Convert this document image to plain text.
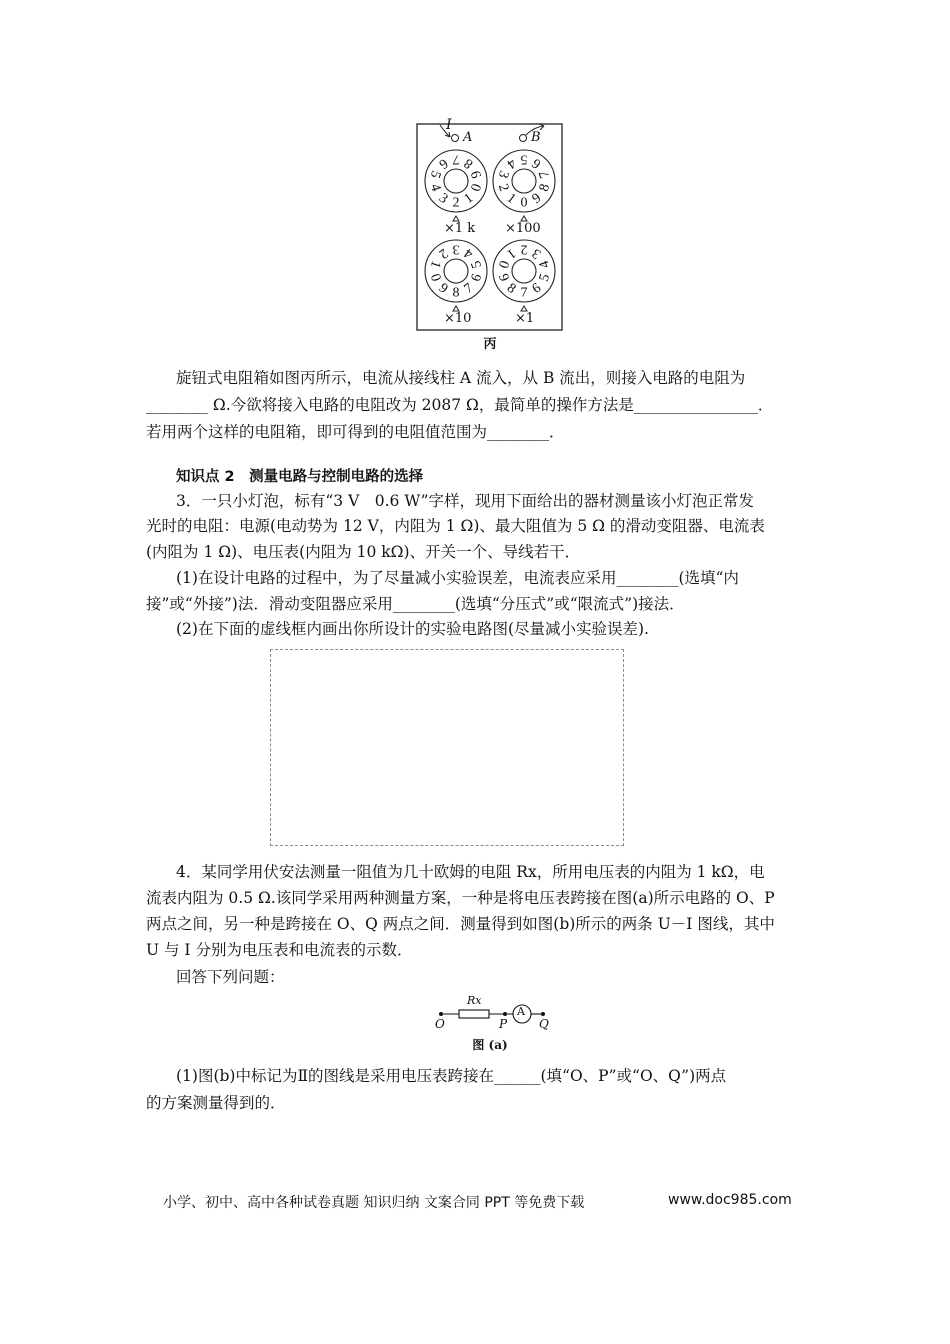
0
1
2
3
4
5
6 7 8
9
0
1
2
3
4 5 6
7
8
9
0
1
2 3 4
5
6
7
8
9
0
1 2 3
4
5
6
7
8
9
I
A	B
×1 k ×100
×10	×1
丙
旋钮式电阻箱如图丙所示，电流从接线柱 A 流入，从 B 流出，则接入电路的电阻为
________ Ω.今欲将接入电路的电阻改为 2087 Ω，最简单的操作方法是________________．
若用两个这样的电阻箱，即可得到的电阻值范围为________．
知识点 2　测量电路与控制电路的选择
3．一只小灯泡，标有“3 V　0.6 W”字样，现用下面给出的器材测量该小灯泡正常发
光时的电阻：电源(电动势为 12 V，内阻为 1 Ω)、最大阻值为 5 Ω 的滑动变阻器、电流表
(内阻为 1 Ω)、电压表(内阻为 10 kΩ)、开关一个、导线若干．
(1)在设计电路的过程中，为了尽量减小实验误差，电流表应采用________(选填“内
接”或“外接”)法．滑动变阻器应采用________(选填“分压式”或“限流式”)接法．
(2)在下面的虚线框内画出你所设计的实验电路图(尽量减小实验误差).
4．某同学用伏安法测量一阻值为几十欧姆的电阻 Rx，所用电压表的内阻为 1 kΩ，电
流表内阻为 0.5 Ω.该同学采用两种测量方案，一种是将电压表跨接在图(a)所示电路的 O、P
两点之间，另一种是跨接在 O、Q 两点之间．测量得到如图(b)所示的两条 U－I 图线，其中
U 与 I 分别为电压表和电流表的示数．
回答下列问题：
Rx
A
O	P	Q
图 (a)
(1)图(b)中标记为Ⅱ的图线是采用电压表跨接在______(填“O、P”或“O、Q”)两点
的方案测量得到的．
小学、初中、高中各种试卷真题 知识归纳 文案合同 PPT 等免费下载	www.doc985.com
